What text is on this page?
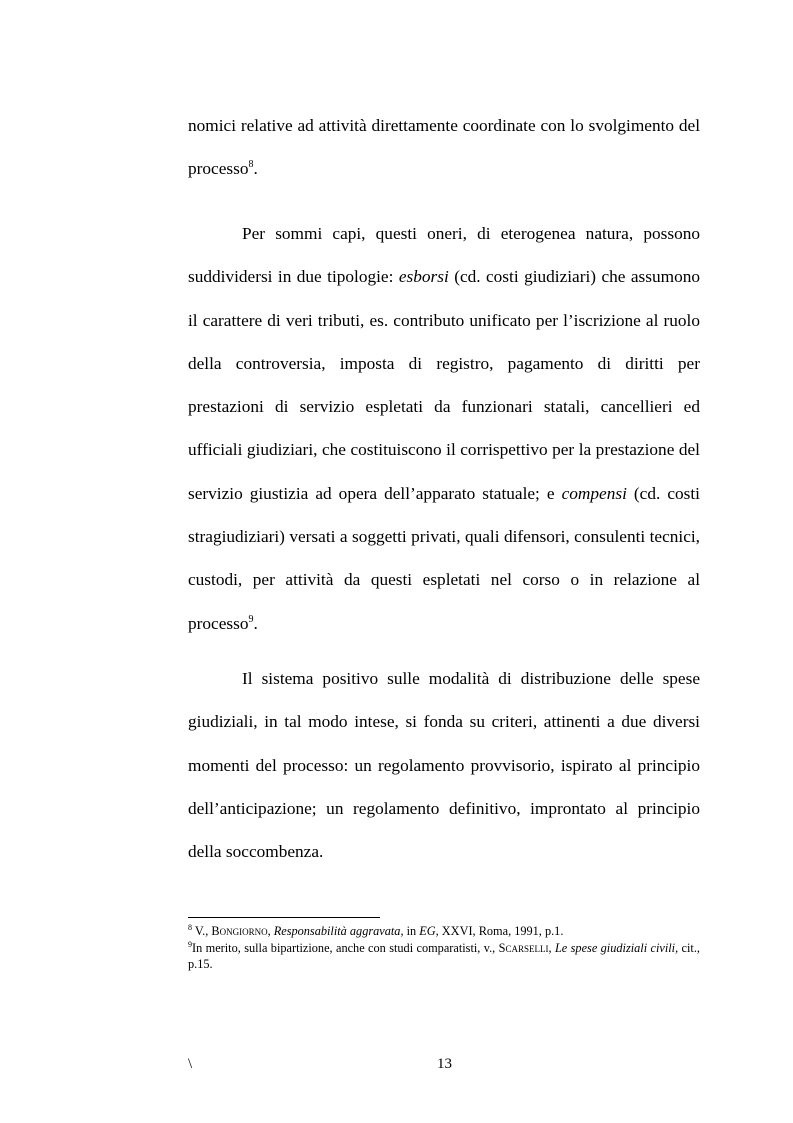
nomici relative ad attività direttamente coordinate con lo svolgimento del processo$^8$.

Per sommi capi, questi oneri, di eterogenea natura, possono suddividersi in due tipologie: esborsi (cd. costi giudiziari) che assumono il carattere di veri tributi, es. contributo unificato per l’iscrizione al ruolo della controversia, imposta di registro, pagamento di diritti per prestazioni di servizio espletati da funzionari statali, cancellieri ed ufficiali giudiziari, che costituiscono il corrispettivo per la prestazione del servizio giustizia ad opera dell’apparato statuale; e compensi (cd. costi stragiudiziari) versati a soggetti privati, quali difensori, consulenti tecnici, custodi, per attività da questi espletati nel corso o in relazione al processo$^9$.

Il sistema positivo sulle modalità di distribuzione delle spese giudiziali, in tal modo intese, si fonda su criteri, attinenti a due diversi momenti del processo: un regolamento provvisorio, ispirato al principio dell’anticipazione; un regolamento definitivo, improntato al principio della soccombenza.

$^8$ V., Bongiorno, Responsabilità aggravata, in EG, XXVI, Roma, 1991, p.1.

$^9$In merito, sulla bipartizione, anche con studi comparatisti, v., Scarselli, Le spese giudiziali civili, cit., p.15.

\	13
